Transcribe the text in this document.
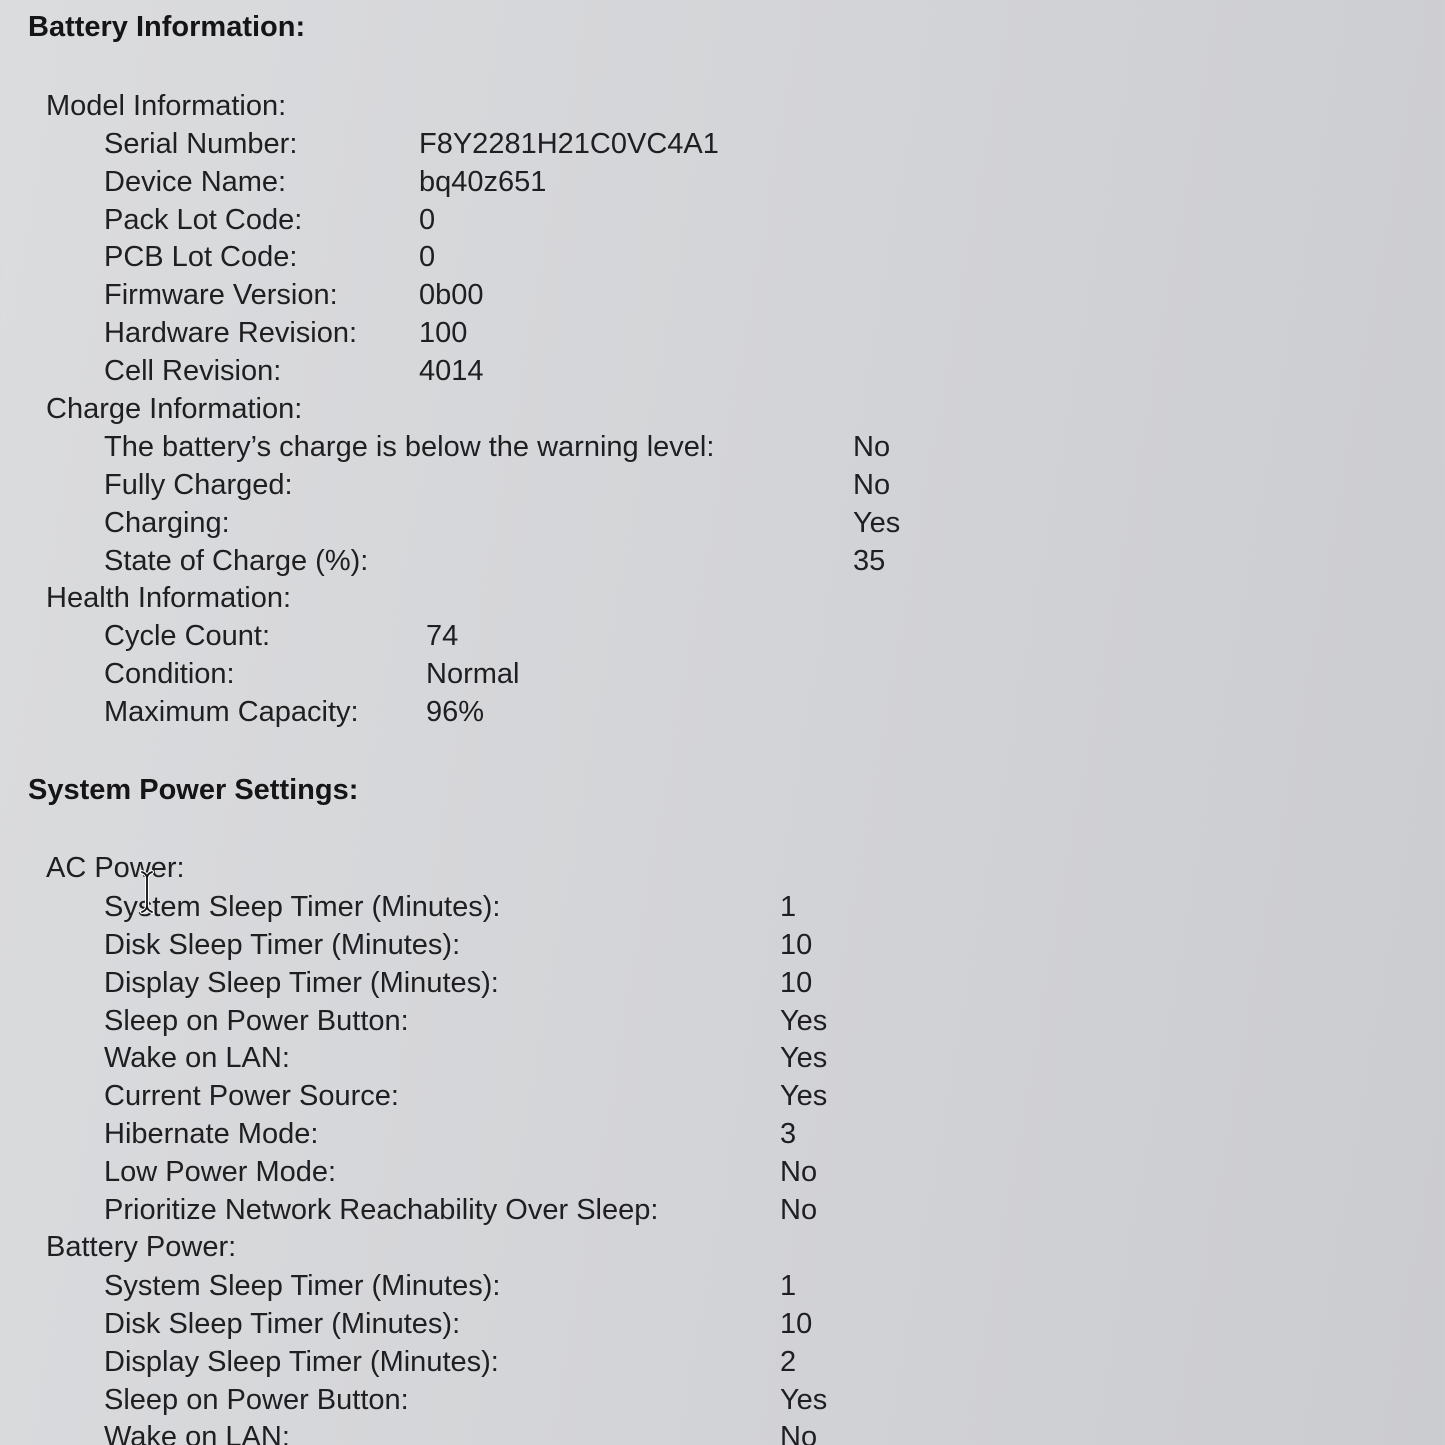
Battery Information:
Model Information:
Serial Number:	F8Y2281H21C0VC4A1
Device Name:	bq40z651
Pack Lot Code:	0
PCB Lot Code:	0
Firmware Version:	0b00
Hardware Revision: 100
Cell Revision:	4014
Charge Information:
The battery’s charge is below the warning level:	No
Fully Charged:	No
Charging:	Yes
State of Charge (%):	35
Health Information:
Cycle Count:	74
Condition:	Normal
Maximum Capacity: 96%
System Power Settings:
AC Power:
System Sleep Timer (Minutes):	1
Disk Sleep Timer (Minutes):	10
Display Sleep Timer (Minutes):	10
Sleep on Power Button:	Yes
Wake on LAN:	Yes
Current Power Source:	Yes
Hibernate Mode:	3
Low Power Mode:	No
Prioritize Network Reachability Over Sleep:	No
Battery Power:
System Sleep Timer (Minutes):	1
Disk Sleep Timer (Minutes):	10
Display Sleep Timer (Minutes):	2
Sleep on Power Button:	Yes
Wake on LAN:	No
